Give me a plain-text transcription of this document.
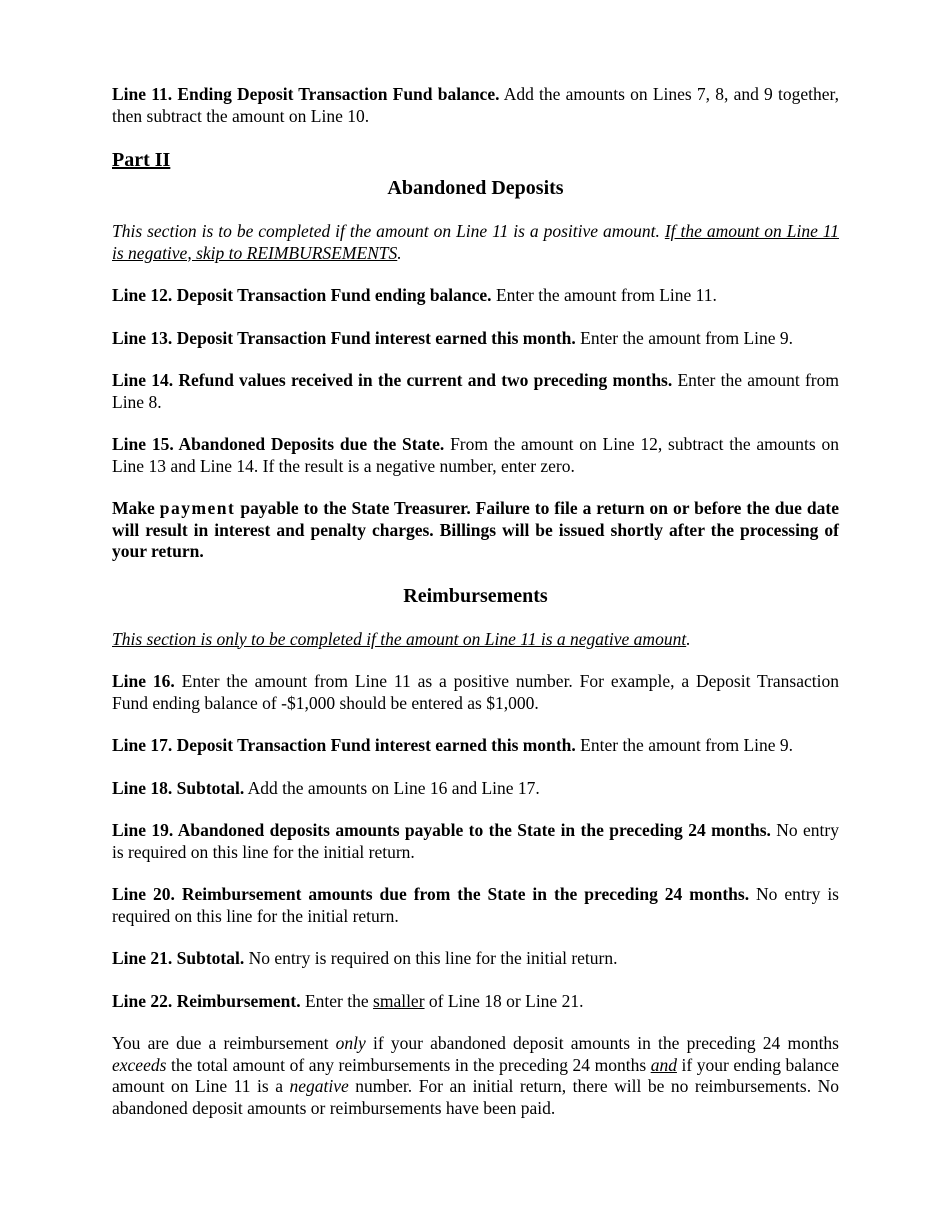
Line 11. Ending Deposit Transaction Fund balance. Add the amounts on Lines 7, 8, and 9 together, then subtract the amount on Line 10.

Part II
Abandoned Deposits

This section is to be completed if the amount on Line 11 is a positive amount. If the amount on Line 11 is negative, skip to REIMBURSEMENTS.

Line 12. Deposit Transaction Fund ending balance. Enter the amount from Line 11.

Line 13. Deposit Transaction Fund interest earned this month. Enter the amount from Line 9.

Line 14. Refund values received in the current and two preceding months. Enter the amount from Line 8.

Line 15. Abandoned Deposits due the State. From the amount on Line 12, subtract the amounts on Line 13 and Line 14. If the result is a negative number, enter zero.

Make payment payable to the State Treasurer. Failure to file a return on or before the due date will result in interest and penalty charges. Billings will be issued shortly after the processing of your return.

Reimbursements

This section is only to be completed if the amount on Line 11 is a negative amount.

Line 16. Enter the amount from Line 11 as a positive number. For example, a Deposit Transaction Fund ending balance of -$1,000 should be entered as $1,000.

Line 17. Deposit Transaction Fund interest earned this month. Enter the amount from Line 9.

Line 18. Subtotal. Add the amounts on Line 16 and Line 17.

Line 19. Abandoned deposits amounts payable to the State in the preceding 24 months. No entry is required on this line for the initial return.

Line 20. Reimbursement amounts due from the State in the preceding 24 months. No entry is required on this line for the initial return.

Line 21. Subtotal. No entry is required on this line for the initial return.

Line 22. Reimbursement. Enter the smaller of Line 18 or Line 21.

You are due a reimbursement only if your abandoned deposit amounts in the preceding 24 months exceeds the total amount of any reimbursements in the preceding 24 months and if your ending balance amount on Line 11 is a negative number. For an initial return, there will be no reimbursements. No abandoned deposit amounts or reimbursements have been paid.
